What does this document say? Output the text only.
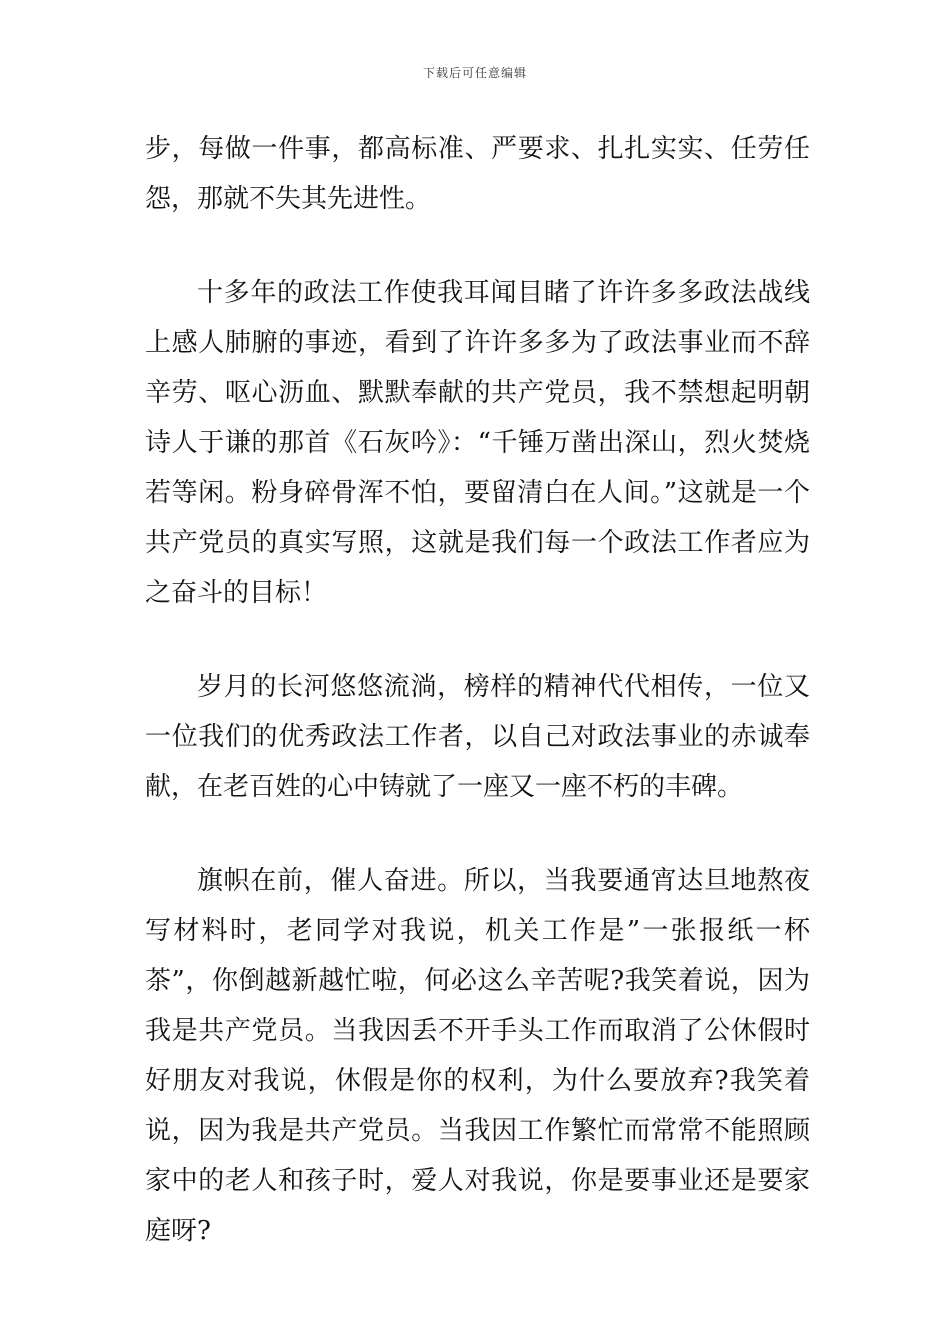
下载后可任意编辑

步，每做一件事，都高标准、严要求、扎扎实实、任劳任怨，那就不失其先进性。

十多年的政法工作使我耳闻目睹了许许多多政法战线上感人肺腑的事迹，看到了许许多多为了政法事业而不辞辛劳、呕心沥血、默默奉献的共产党员，我不禁想起明朝诗人于谦的那首《石灰吟》：“千锤万凿出深山，烈火焚烧若等闲。粉身碎骨浑不怕，要留清白在人间。”这就是一个共产党员的真实写照，这就是我们每一个政法工作者应为之奋斗的目标！

岁月的长河悠悠流淌，榜样的精神代代相传，一位又一位我们的优秀政法工作者，以自己对政法事业的赤诚奉献，在老百姓的心中铸就了一座又一座不朽的丰碑。

旗帜在前，催人奋进。所以，当我要通宵达旦地熬夜写材料时，老同学对我说，机关工作是”一张报纸一杯茶”，你倒越新越忙啦，何必这么辛苦呢?我笑着说，因为我是共产党员。当我因丢不开手头工作而取消了公休假时好朋友对我说，休假是你的权利，为什么要放弃?我笑着说，因为我是共产党员。当我因工作繁忙而常常不能照顾家中的老人和孩子时，爱人对我说，你是要事业还是要家庭呀?
